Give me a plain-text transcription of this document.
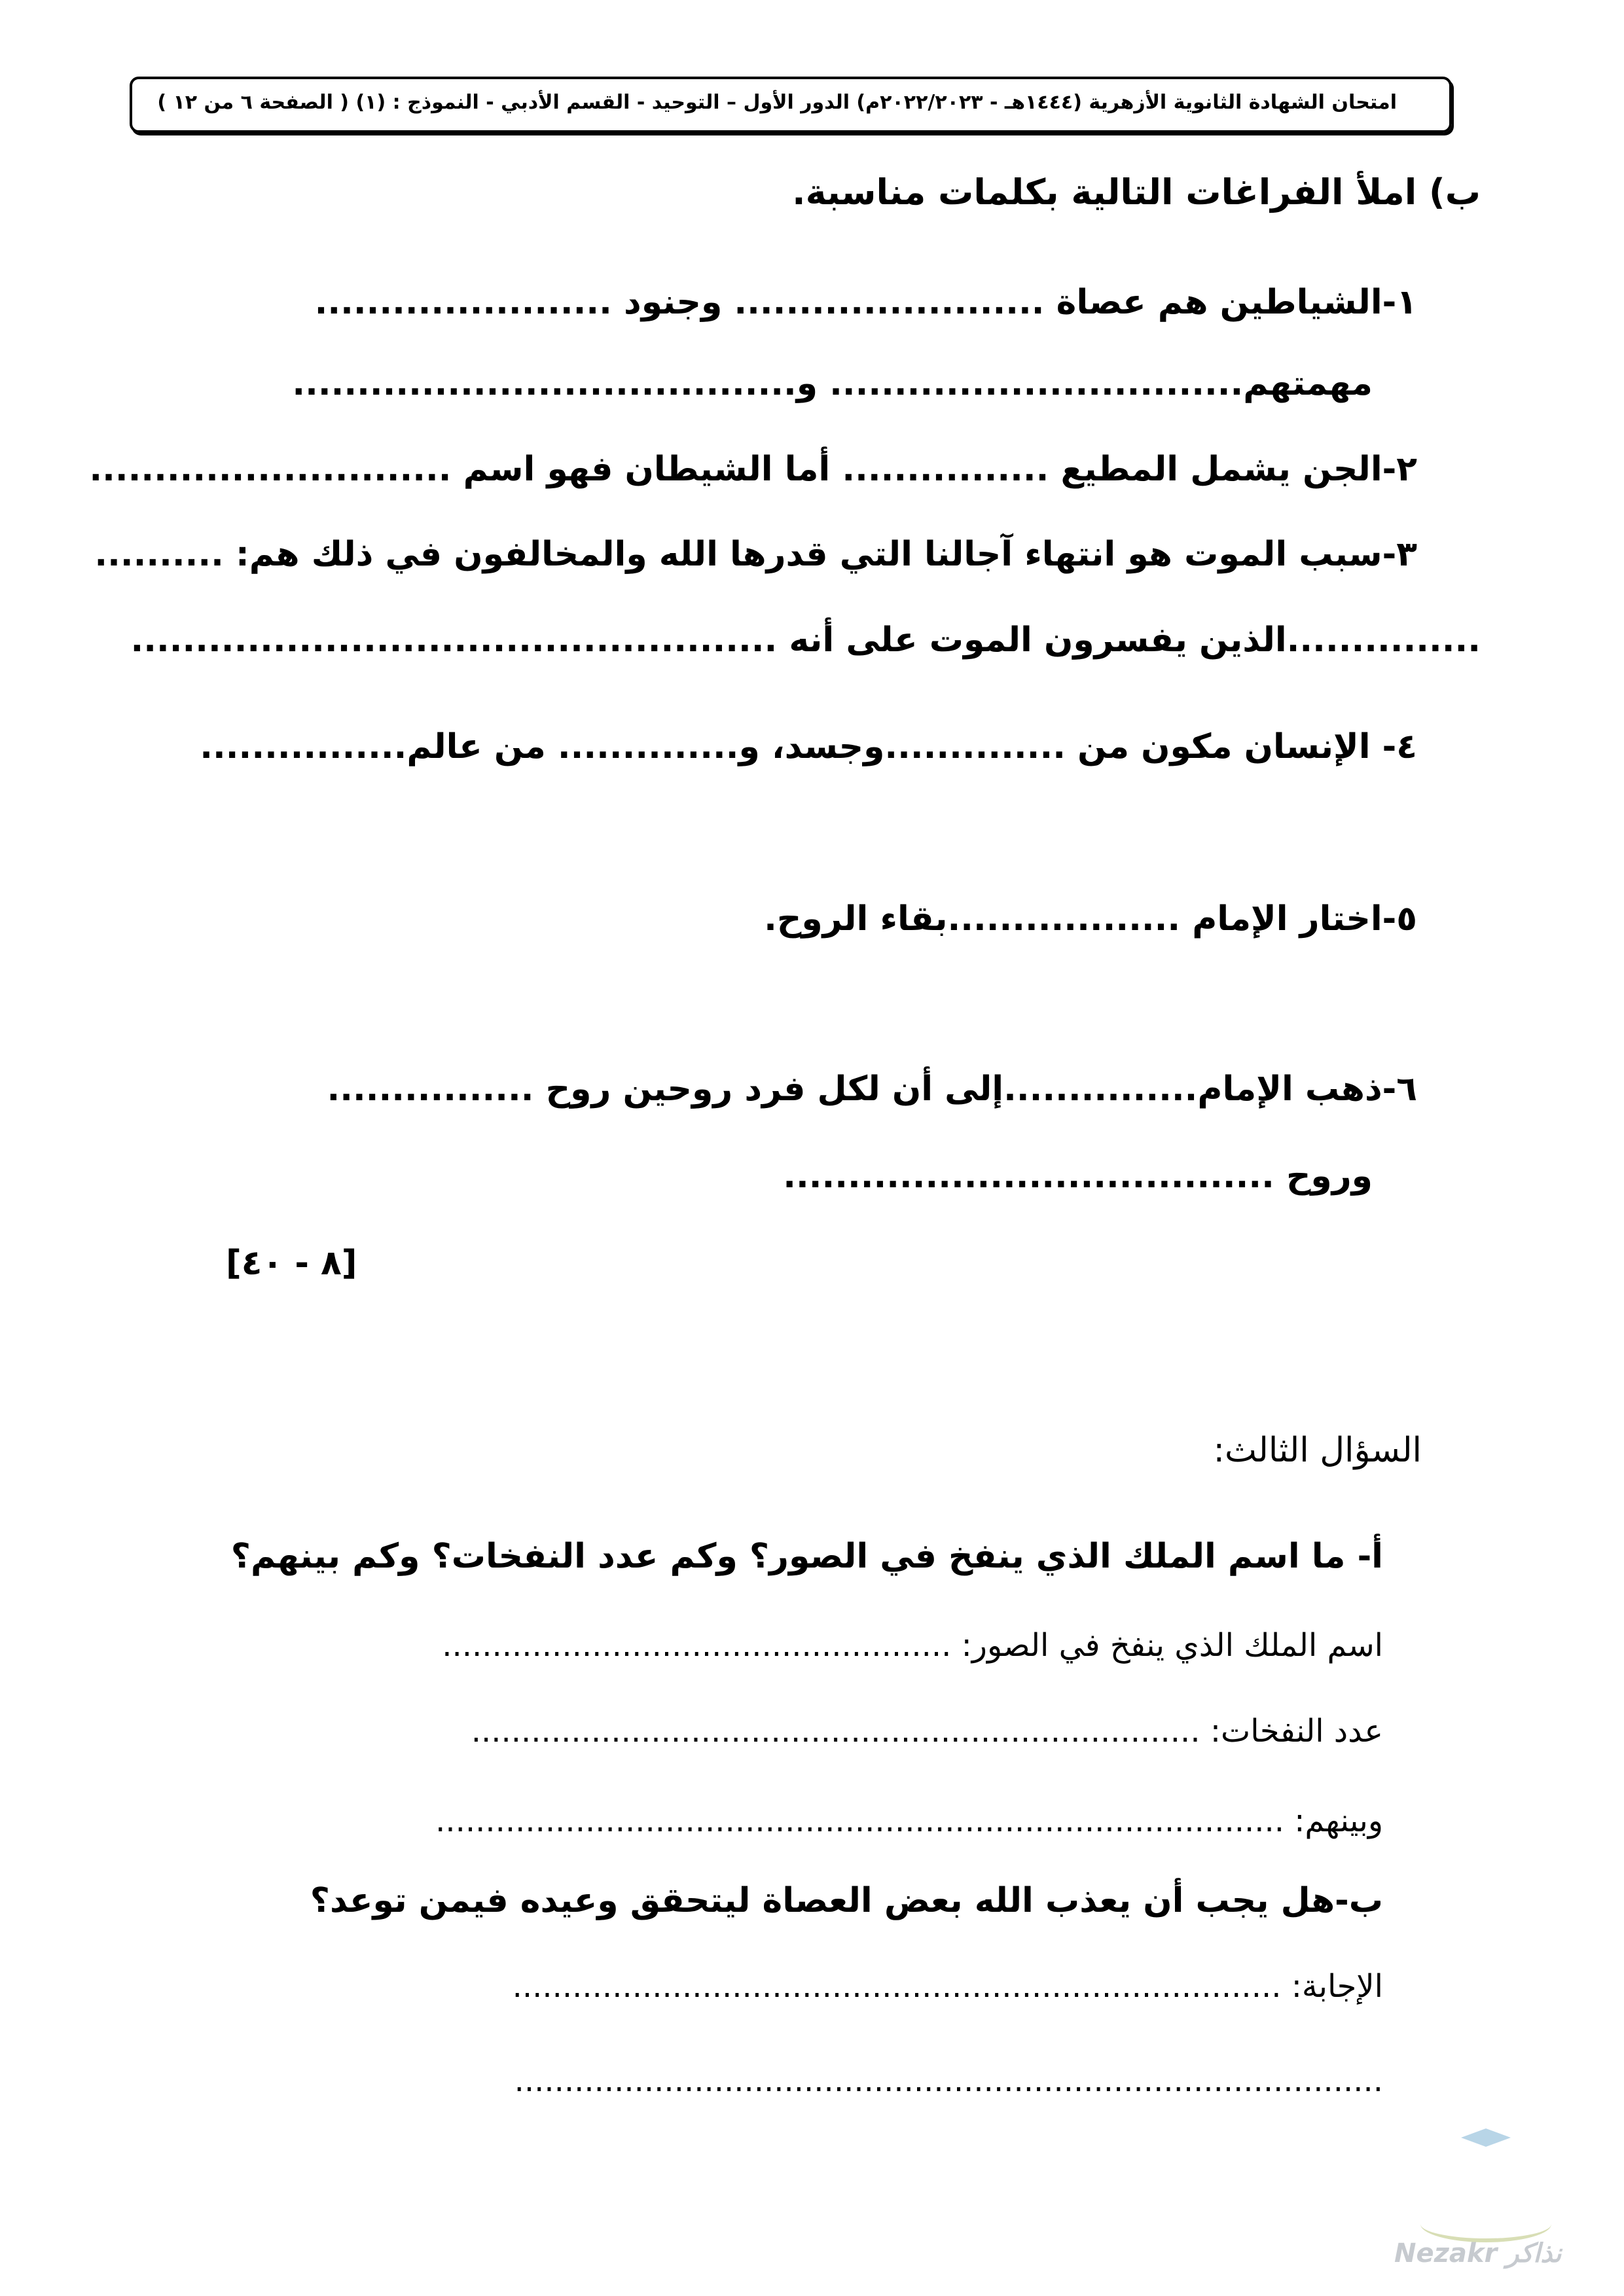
امتحان الشهادة الثانوية الأزهرية (١٤٤٤هـ - ٢٠٢٢/٢٠٢٣م) الدور الأول – التوحيد - القسم الأدبي - النموذج : (١) ( الصفحة ٦ من ١٢ )
ب) املأ الفراغات التالية بكلمات مناسبة.
١-الشياطين هم عصاة ........................ وجنود .......................
مهمتهم................................ و.......................................
٢-الجن يشمل المطيع ................ أما الشيطان فهو اسم ............................
٣-سبب الموت هو انتهاء آجالنا التي قدرها الله والمخالفون في ذلك هم: ..........
...............الذين يفسرون الموت على أنه ..................................................
٤- الإنسان مكون من ..............وجسد، و.............. من عالم................
٥-اختار الإمام ..................بقاء الروح.
٦-ذهب الإمام...............إلى أن لكل فرد روحين روح ................
وروح ......................................
[٨ - ٤٠]
السؤال الثالث:
أ- ما اسم الملك الذي ينفخ في الصور؟ وكم عدد النفخات؟ وكم بينهم؟
اسم الملك الذي ينفخ في الصور: ...................................................
عدد النفخات: .........................................................................
وبينهم: .....................................................................................
ب-هل يجب أن يعذب الله بعض العصاة ليتحقق وعيده فيمن توعد؟
الإجابة: .............................................................................
.......................................................................................
Nezakr نذاكر
